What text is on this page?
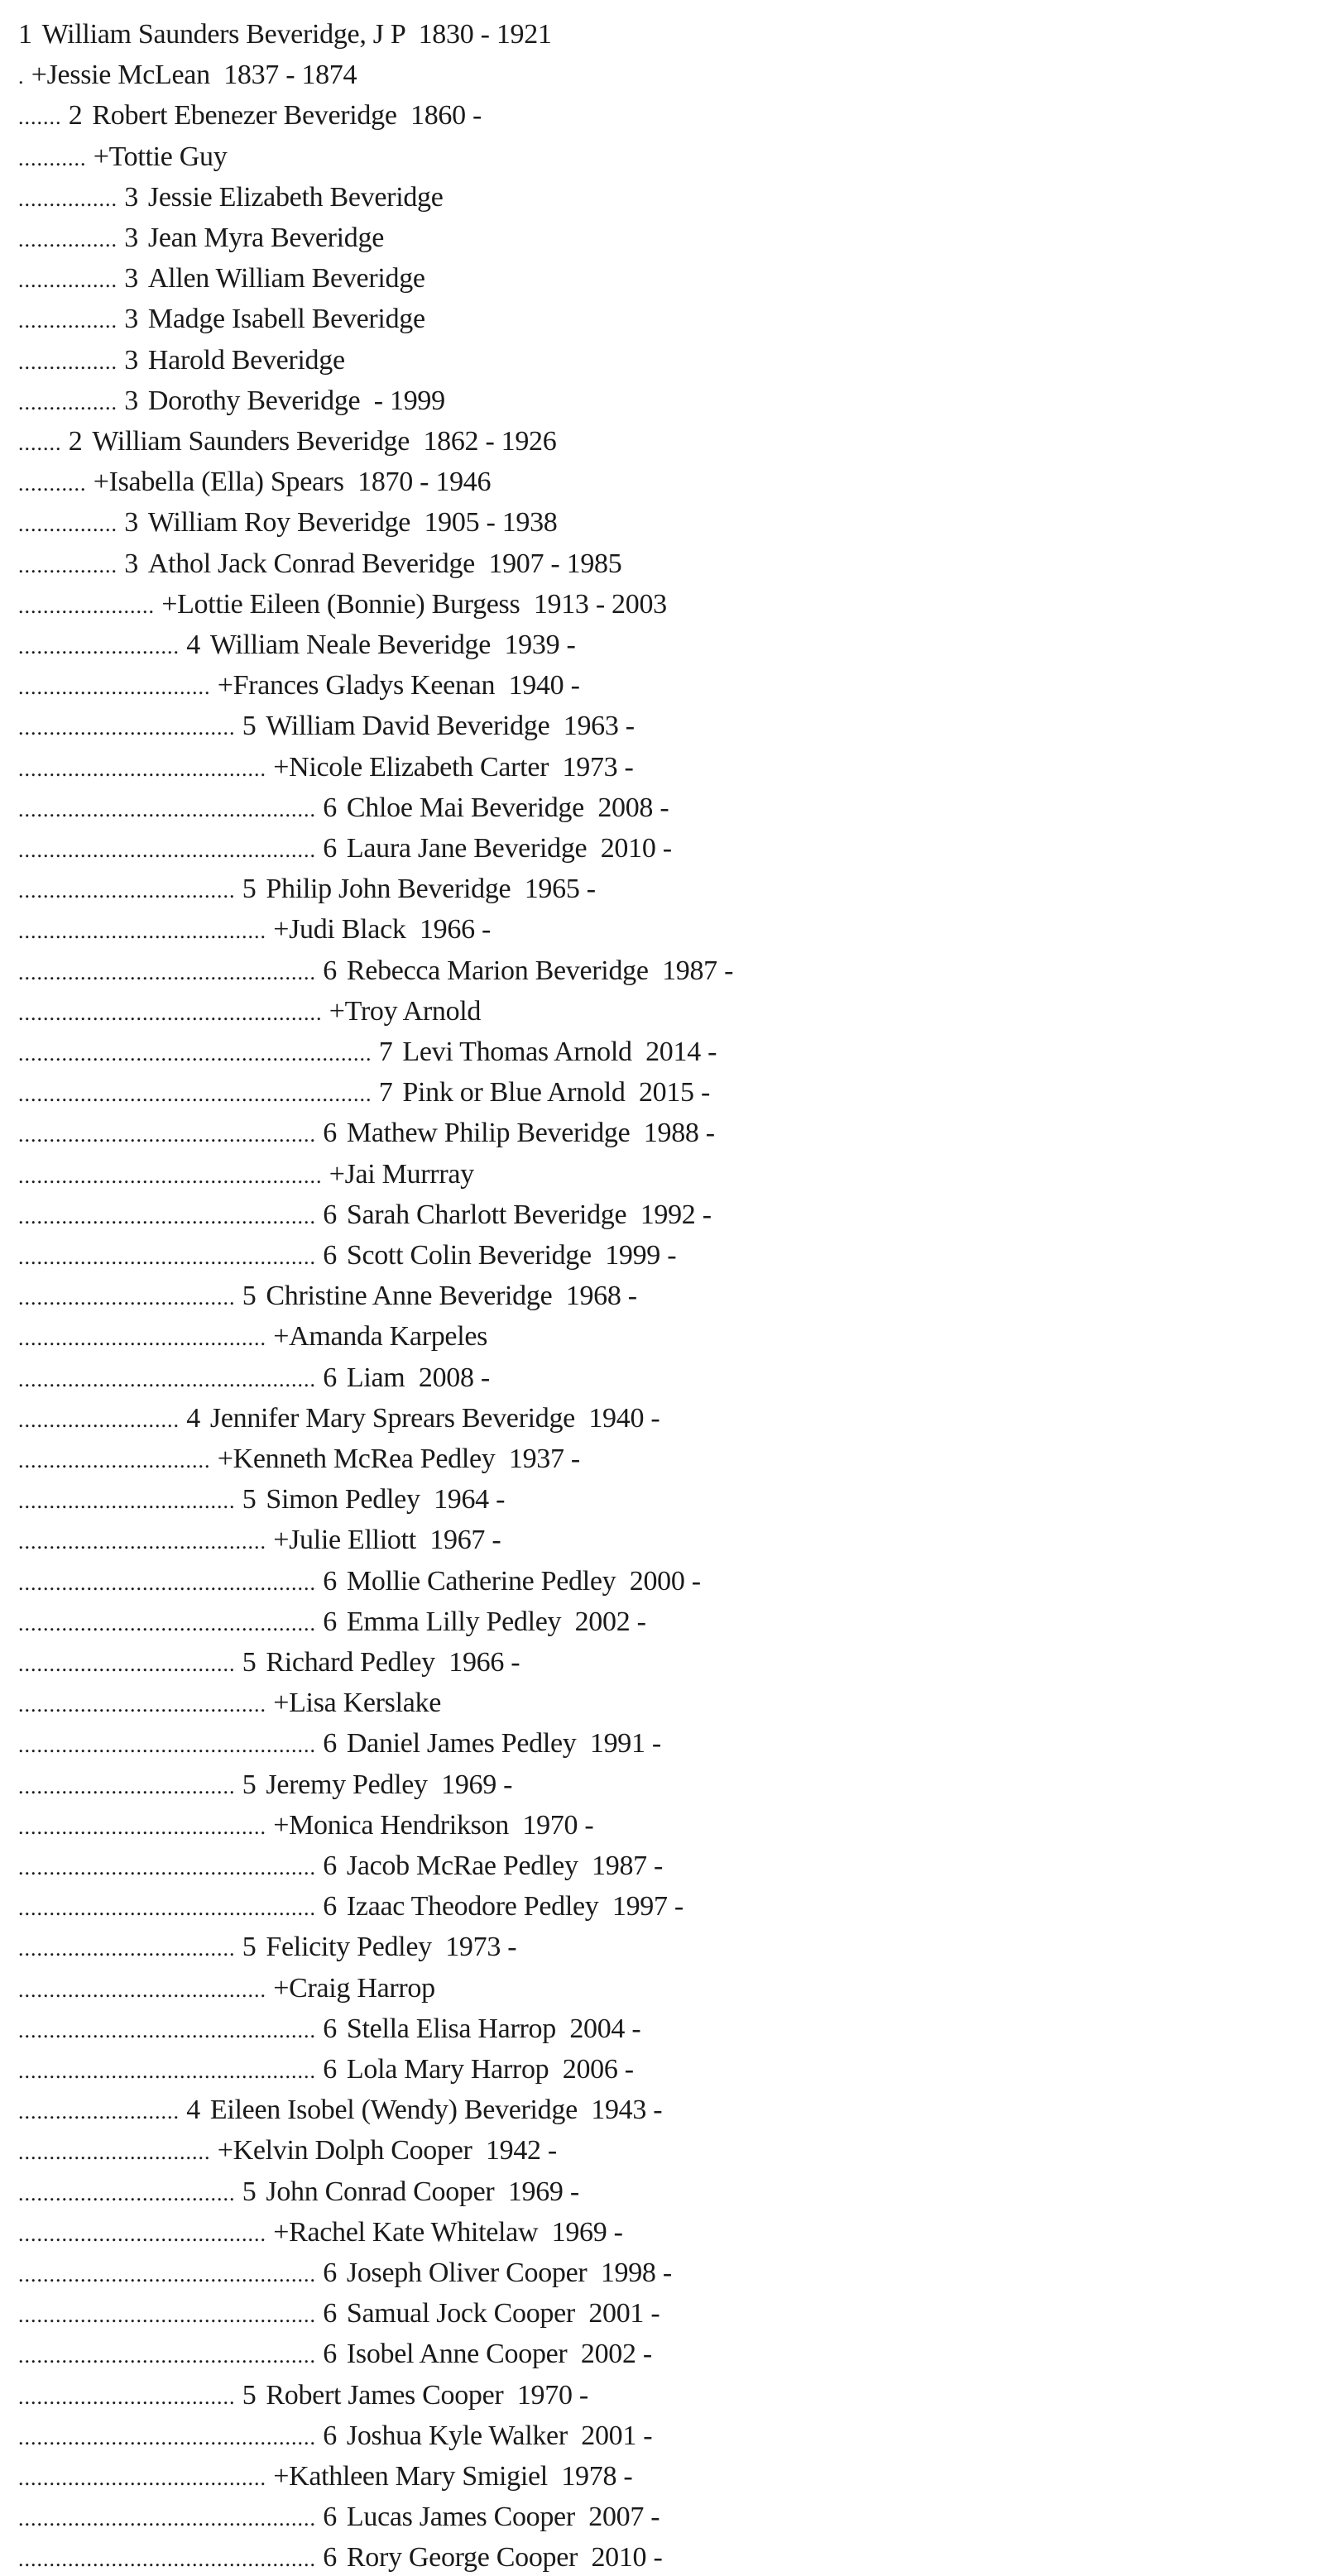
1 William Saunders Beveridge, J P 1830 - 1921
. +Jessie McLean 1837 - 1874
....... 2 Robert Ebenezer Beveridge 1860 -
........... +Tottie Guy
................ 3 Jessie Elizabeth Beveridge
................ 3 Jean Myra Beveridge
................ 3 Allen William Beveridge
................ 3 Madge Isabell Beveridge
................ 3 Harold Beveridge
................ 3 Dorothy Beveridge - 1999
....... 2 William Saunders Beveridge 1862 - 1926
........... +Isabella (Ella) Spears 1870 - 1946
................ 3 William Roy Beveridge 1905 - 1938
................ 3 Athol Jack Conrad Beveridge 1907 - 1985
...................... +Lottie Eileen (Bonnie) Burgess 1913 - 2003
.......................... 4 William Neale Beveridge 1939 -
............................... +Frances Gladys Keenan 1940 -
................................... 5 William David Beveridge 1963 -
........................................ +Nicole Elizabeth Carter 1973 -
................................................ 6 Chloe Mai Beveridge 2008 -
................................................ 6 Laura Jane Beveridge 2010 -
................................... 5 Philip John Beveridge 1965 -
........................................ +Judi Black 1966 -
................................................ 6 Rebecca Marion Beveridge 1987 -
................................................. +Troy Arnold
......................................................... 7 Levi Thomas Arnold 2014 -
......................................................... 7 Pink or Blue Arnold 2015 -
................................................ 6 Mathew Philip Beveridge 1988 -
................................................. +Jai Murrray
................................................ 6 Sarah Charlott Beveridge 1992 -
................................................ 6 Scott Colin Beveridge 1999 -
................................... 5 Christine Anne Beveridge 1968 -
........................................ +Amanda Karpeles
................................................ 6 Liam 2008 -
.......................... 4 Jennifer Mary Sprears Beveridge 1940 -
............................... +Kenneth McRea Pedley 1937 -
................................... 5 Simon Pedley 1964 -
........................................ +Julie Elliott 1967 -
................................................ 6 Mollie Catherine Pedley 2000 -
................................................ 6 Emma Lilly Pedley 2002 -
................................... 5 Richard Pedley 1966 -
........................................ +Lisa Kerslake
................................................ 6 Daniel James Pedley 1991 -
................................... 5 Jeremy Pedley 1969 -
........................................ +Monica Hendrikson 1970 -
................................................ 6 Jacob McRae Pedley 1987 -
................................................ 6 Izaac Theodore Pedley 1997 -
................................... 5 Felicity Pedley 1973 -
........................................ +Craig Harrop
................................................ 6 Stella Elisa Harrop 2004 -
................................................ 6 Lola Mary Harrop 2006 -
.......................... 4 Eileen Isobel (Wendy) Beveridge 1943 -
............................... +Kelvin Dolph Cooper 1942 -
................................... 5 John Conrad Cooper 1969 -
........................................ +Rachel Kate Whitelaw 1969 -
................................................ 6 Joseph Oliver Cooper 1998 -
................................................ 6 Samual Jock Cooper 2001 -
................................................ 6 Isobel Anne Cooper 2002 -
................................... 5 Robert James Cooper 1970 -
................................................ 6 Joshua Kyle Walker 2001 -
........................................ +Kathleen Mary Smigiel 1978 -
................................................ 6 Lucas James Cooper 2007 -
................................................ 6 Rory George Cooper 2010 -
